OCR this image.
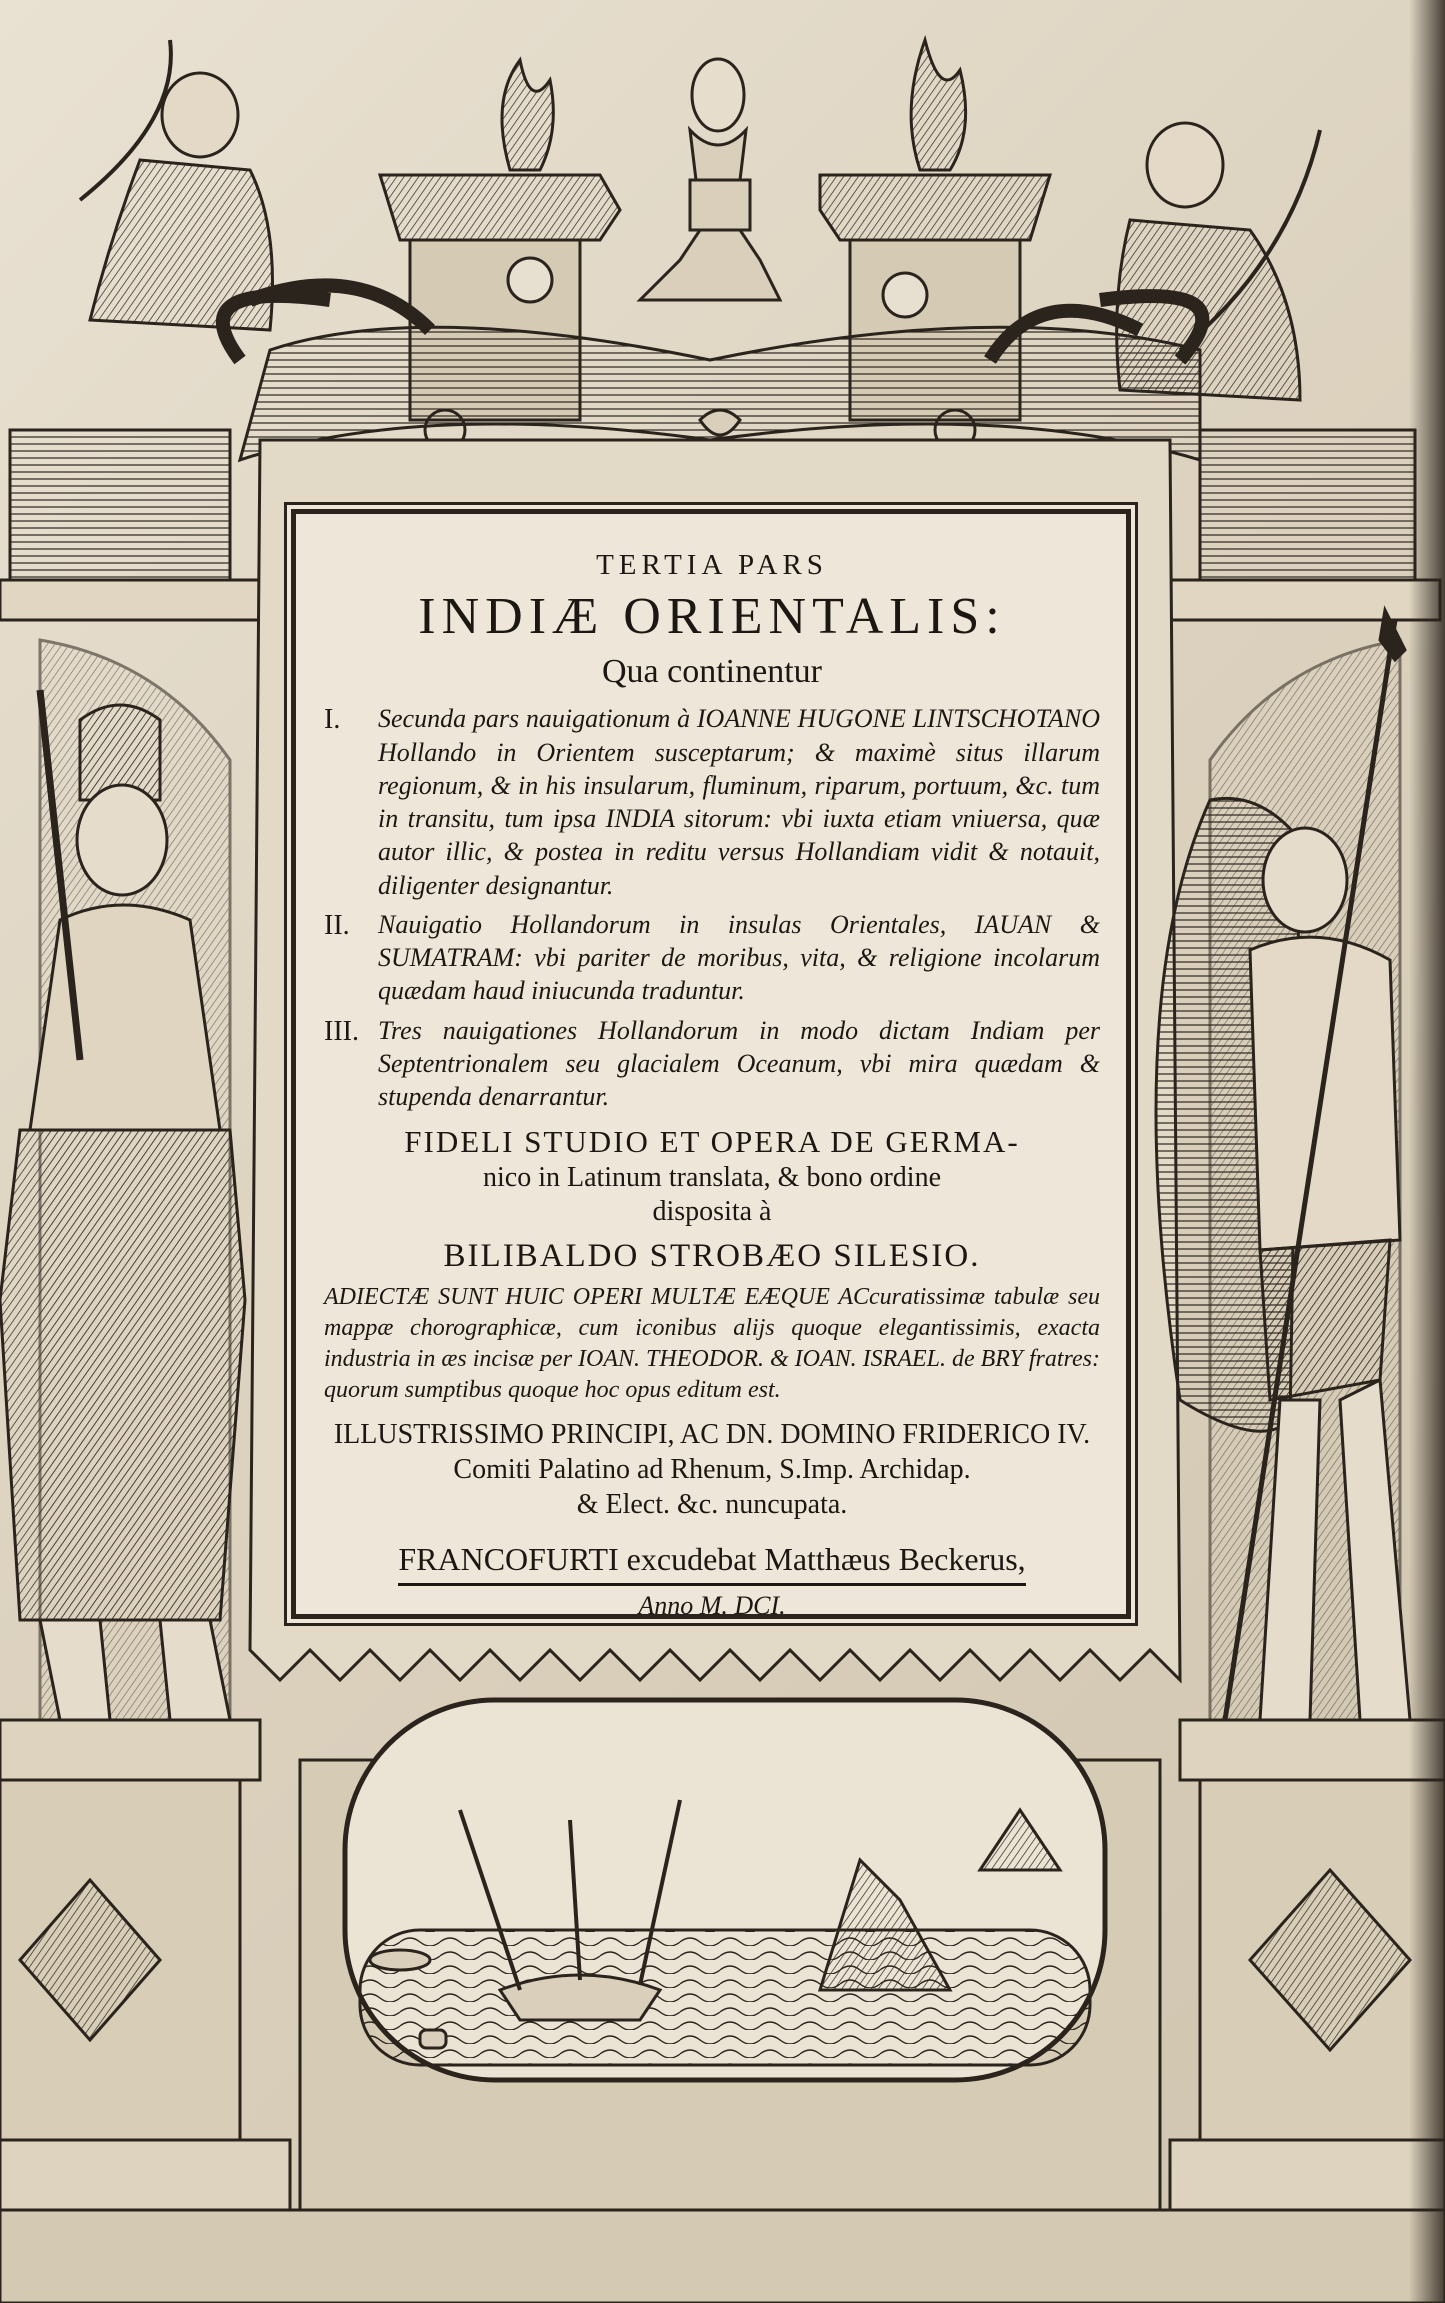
TERTIA PARS
INDIÆ ORIENTALIS:
Qua continentur
I.	Secunda pars nauigationum à IOANNE HUGONE LINTSCHOTANO Hollando in Orientem susceptarum; & maximè situs illarum regionum, & in his insularum, fluminum, riparum, portuum, &c. tum in transitu, tum ipsa INDIA sitorum: vbi iuxta etiam vniuersa, quæ autor illic, & postea in reditu versus Hollandiam vidit & notauit, diligenter designantur.
II.	Nauigatio Hollandorum in insulas Orientales, IAUAN & SUMATRAM: vbi pariter de moribus, vita, & religione incolarum quædam haud iniucunda traduntur.
III. Tres nauigationes Hollandorum in modo dictam Indiam per Septentrionalem seu glacialem Oceanum, vbi mira quædam & stupenda denarrantur.
FIDELI STUDIO ET OPERA DE GERMA-
nico in Latinum translata, & bono ordine
disposita à
BILIBALDO STROBÆO SILESIO.
ADIECTÆ SUNT HUIC OPERI MULTÆ EÆQUE ACcuratissimæ tabulæ seu mappæ chorographicæ, cum iconibus alijs quoque elegantissimis, exacta industria in æs incisæ per IOAN. THEODOR. & IOAN. ISRAEL. de BRY fratres: quorum sumptibus quoque hoc opus editum est.
ILLUSTRISSIMO PRINCIPI, AC DN. DOMINO FRIDERICO IV. Comiti Palatino ad Rhenum, S.Imp. Archidap.
& Elect. &c. nuncupata.
FRANCOFURTI excudebat Matthæus Beckerus,
Anno M. DCI.
